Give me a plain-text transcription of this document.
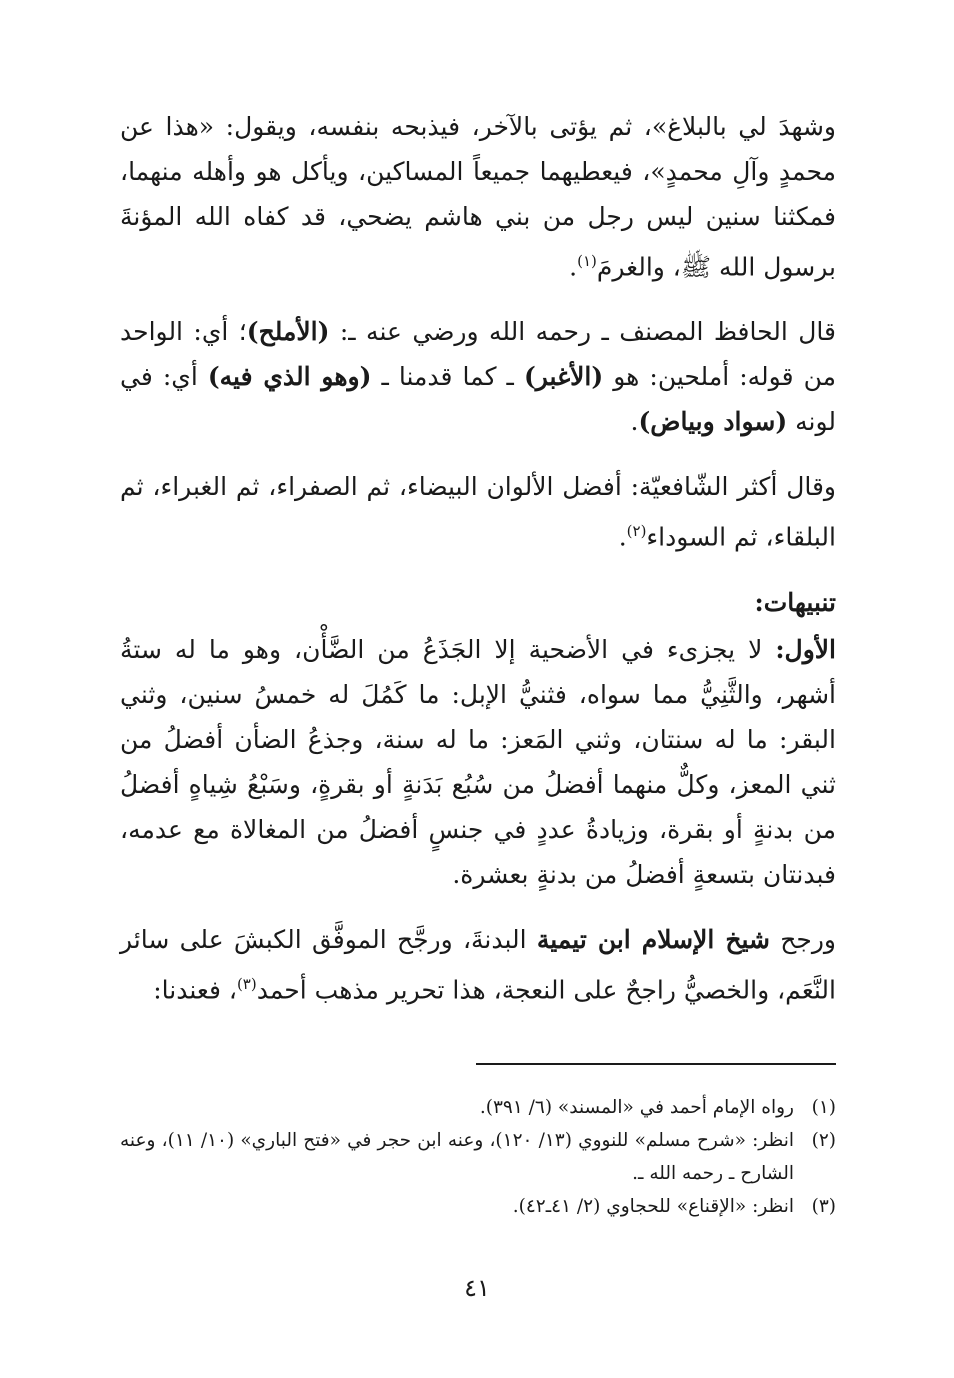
وشهدَ لي بالبلاغ»، ثم يؤتى بالآخر، فيذبحه بنفسه، ويقول: «هذا عن محمدٍ وآلِ محمدٍ»، فيعطيهما جميعاً المساكين، ويأكل هو وأهله منهما، فمكثنا سنين ليس رجل من بني هاشم يضحي، قد كفاه الله المؤنةَ برسول الله ﷺ، والغرمَ$^{(١)}$.

قال الحافظ المصنف ـ رحمه الله ورضي عنه ـ: (الأملح)؛ أي: الواحد من قوله: أملحين: هو (الأغبر) ـ كما قدمنا ـ (وهو الذي فيه) أي: في لونه (سواد وبياض).

وقال أكثر الشّافعيّة: أفضل الألوان البيضاء، ثم الصفراء، ثم الغبراء، ثم البلقاء، ثم السوداء$^{(٢)}$.

تنبيهات:

الأول: لا يجزىء في الأضحية إلا الجَذَعُ من الضَّأْن، وهو ما له ستةُ أشهر، والثَّنِيُّ مما سواه، فثنيُّ الإبل: ما كَمُلَ له خمسُ سنين، وثني البقر: ما له سنتان، وثني المَعز: ما له سنة، وجذعُ الضأن أفضلُ من ثني المعز، وكلٌّ منهما أفضلُ من سُبُع بَدَنةٍ أو بقرةٍ، وسَبْعُ شِياهٍ أفضلُ من بدنةٍ أو بقرة، وزيادةُ عددٍ في جنسٍ أفضلُ من المغالاة مع عدمه، فبدنتان بتسعةٍ أفضلُ من بدنةٍ بعشرة.

ورجح شيخ الإسلام ابن تيمية البدنةَ، ورجَّح الموفَّق الكبشَ على سائر النَّعَم، والخصيُّ راجحٌ على النعجة، هذا تحرير مذهب أحمد$^{(٣)}$، فعندنا:

(١)
رواه الإمام أحمد في «المسند» (٦/ ٣٩١).
(٢)
انظر: «شرح مسلم» للنووي (١٣/ ١٢٠)، وعنه ابن حجر في «فتح الباري» (١٠/ ١١)، وعنه الشارح ـ رحمه الله ـ.
(٣)
انظر: «الإقناع» للحجاوي (٢/ ٤١ـ٤٢).
٤١
